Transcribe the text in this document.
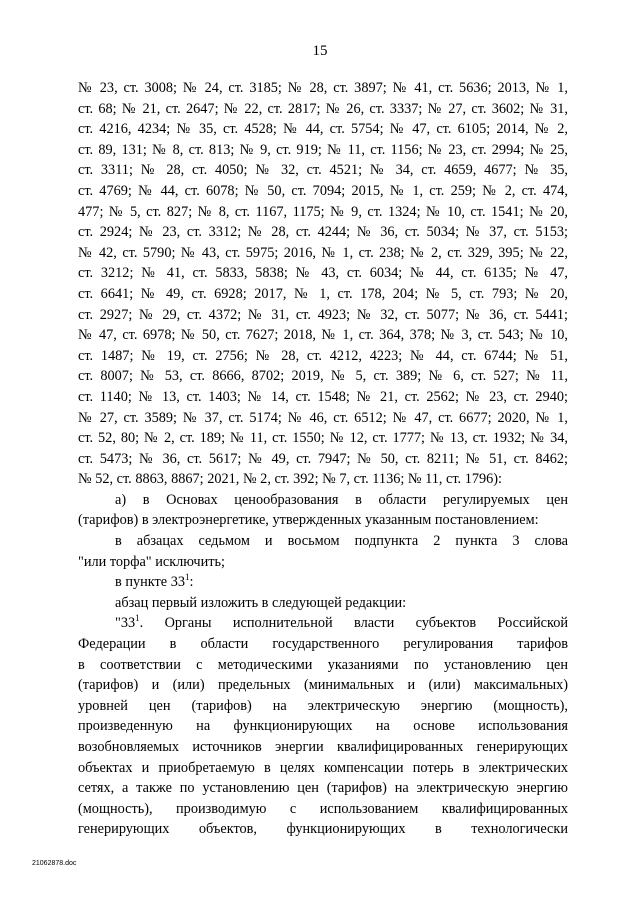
15

№ 23, ст. 3008; № 24, ст. 3185; № 28, ст. 3897; № 41, ст. 5636; 2013, № 1,

ст. 68; № 21, ст. 2647; № 22, ст. 2817; № 26, ст. 3337; № 27, ст. 3602; № 31,

ст. 4216, 4234; № 35, ст. 4528; № 44, ст. 5754; № 47, ст. 6105; 2014, № 2,

ст. 89, 131; № 8, ст. 813; № 9, ст. 919; № 11, ст. 1156; № 23, ст. 2994; № 25,

ст. 3311; № 28, ст. 4050; № 32, ст. 4521; № 34, ст. 4659, 4677; № 35,

ст. 4769; № 44, ст. 6078; № 50, ст. 7094; 2015, № 1, ст. 259; № 2, ст. 474,

477; № 5, ст. 827; № 8, ст. 1167, 1175; № 9, ст. 1324; № 10, ст. 1541; № 20,

ст. 2924; № 23, ст. 3312; № 28, ст. 4244; № 36, ст. 5034; № 37, ст. 5153;

№ 42, ст. 5790; № 43, ст. 5975; 2016, № 1, ст. 238; № 2, ст. 329, 395; № 22,

ст. 3212; № 41, ст. 5833, 5838; № 43, ст. 6034; № 44, ст. 6135; № 47,

ст. 6641; № 49, ст. 6928; 2017, № 1, ст. 178, 204; № 5, ст. 793; № 20,

ст. 2927; № 29, ст. 4372; № 31, ст. 4923; № 32, ст. 5077; № 36, ст. 5441;

№ 47, ст. 6978; № 50, ст. 7627; 2018, № 1, ст. 364, 378; № 3, ст. 543; № 10,

ст. 1487; № 19, ст. 2756; № 28, ст. 4212, 4223; № 44, ст. 6744; № 51,

ст. 8007; № 53, ст. 8666, 8702; 2019, № 5, ст. 389; № 6, ст. 527; № 11,

ст. 1140; № 13, ст. 1403; № 14, ст. 1548; № 21, ст. 2562; № 23, ст. 2940;

№ 27, ст. 3589; № 37, ст. 5174; № 46, ст. 6512; № 47, ст. 6677; 2020, № 1,

ст. 52, 80; № 2, ст. 189; № 11, ст. 1550; № 12, ст. 1777; № 13, ст. 1932; № 34,

ст. 5473; № 36, ст. 5617; № 49, ст. 7947; № 50, ст. 8211; № 51, ст. 8462;

№ 52, ст. 8863, 8867; 2021, № 2, ст. 392; № 7, ст. 1136; № 11, ст. 1796):

а) в Основах ценообразования в области регулируемых цен

(тарифов) в электроэнергетике, утвержденных указанным постановлением:

в абзацах седьмом и восьмом подпункта 2 пункта 3 слова

"или торфа" исключить;

в пункте $33^1$:

абзац первый изложить в следующей редакции:

"$33^1$. Органы исполнительной власти субъектов Российской

Федерации в области государственного регулирования тарифов

в соответствии с методическими указаниями по установлению цен

(тарифов) и (или) предельных (минимальных и (или) максимальных)

уровней цен (тарифов) на электрическую энергию (мощность),

произведенную на функционирующих на основе использования

возобновляемых источников энергии квалифицированных генерирующих

объектах и приобретаемую в целях компенсации потерь в электрических

сетях, а также по установлению цен (тарифов) на электрическую энергию

(мощность), производимую с использованием квалифицированных

генерирующих объектов, функционирующих в технологически

21062878.doc
